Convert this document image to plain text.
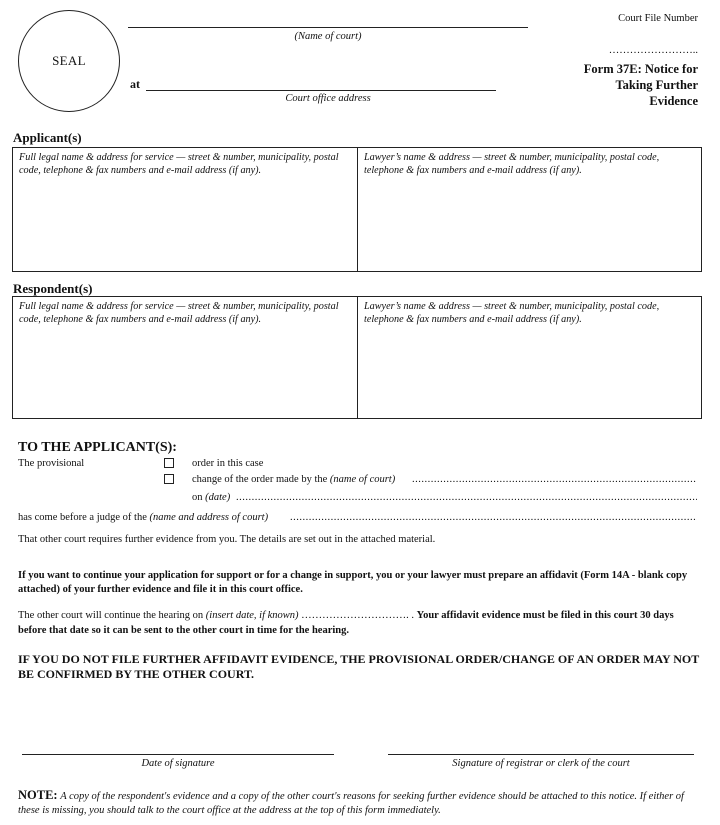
SEAL
(Name of court)
at
Court office address
Court File Number
……………………..
Form 37E: Notice for
Taking Further
Evidence
Applicant(s)
Full legal name & address for service — street & number, municipality, postal code, telephone & fax numbers and e-mail address (if any).
Lawyer’s name & address — street & number, municipality, postal code, telephone & fax numbers and e-mail address (if any).
Respondent(s)
Full legal name & address for service — street & number, municipality, postal code, telephone & fax numbers and e-mail address (if any).
Lawyer’s name & address — street & number, municipality, postal code, telephone & fax numbers and e-mail address (if any).
TO THE APPLICANT(S):
The provisional	order in this case
change of the order made by the (name of court)
.....
on (date)
.....
has come before a judge of the (name and address of court)
.....
That other court requires further evidence from you. The details are set out in the attached material.
If you want to continue your application for support or for a change in support, you or your lawyer must prepare an affidavit (Form 14A - blank copy attached) of your further evidence and file it in this court office.
The other court will continue the hearing on (insert date, if known) …………………………. . Your affidavit evidence must be filed in this court 30 days before that date so it can be sent to the other court in time for the hearing.
IF YOU DO NOT FILE FURTHER AFFIDAVIT EVIDENCE, THE PROVISIONAL ORDER/CHANGE OF AN ORDER MAY NOT BE CONFIRMED BY THE OTHER COURT.
Date of signature	Signature of registrar or clerk of the court
NOTE: A copy of the respondent's evidence and a copy of the other court's reasons for seeking further evidence should be attached to this notice. If either of these is missing, you should talk to the court office at the address at the top of this form immediately.
